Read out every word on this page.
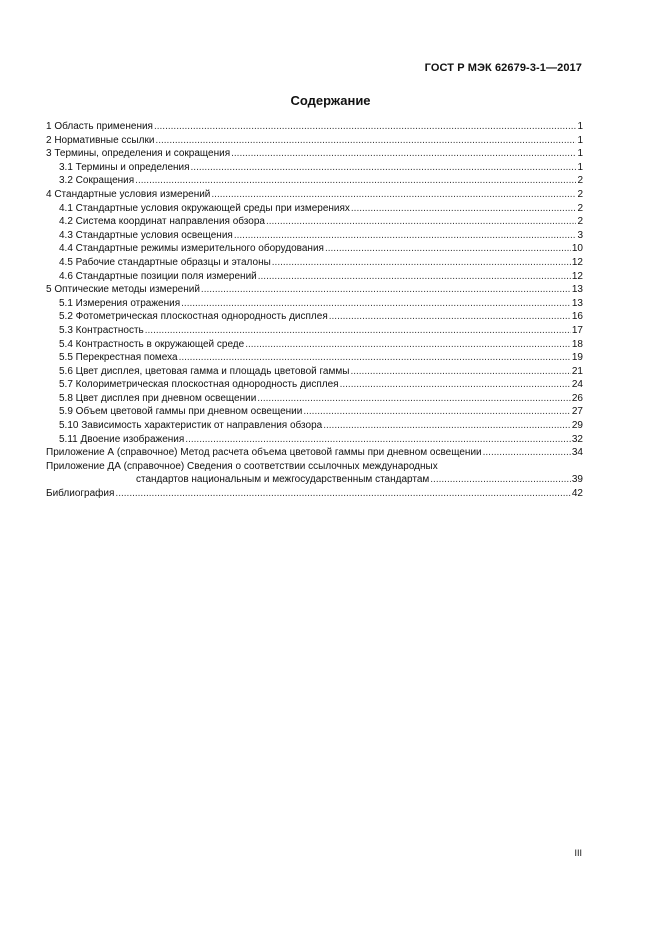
ГОСТ Р МЭК 62679-3-1—2017
Содержание
1 Область применения .....	1
2 Нормативные ссылки .....	1
3 Термины, определения и сокращения .....	1
3.1 Термины и определения .....	1
3.2 Сокращения .....	2
4 Стандартные условия измерений .....	2
4.1 Стандартные условия окружающей среды при измерениях .....	2
4.2 Система координат направления обзора .....	2
4.3 Стандартные условия освещения .....	3
4.4 Стандартные режимы измерительного оборудования .....	10
4.5 Рабочие стандартные образцы и эталоны .....	12
4.6 Стандартные позиции поля измерений .....	12
5 Оптические методы измерений .....	13
5.1 Измерения отражения .....	13
5.2 Фотометрическая плоскостная однородность дисплея .....	16
5.3 Контрастность .....	17
5.4 Контрастность в окружающей среде .....	18
5.5 Перекрестная помеха .....	19
5.6 Цвет дисплея, цветовая гамма и площадь цветовой гаммы .....	21
5.7 Колориметрическая плоскостная однородность дисплея .....	24
5.8 Цвет дисплея при дневном освещении .....	26
5.9 Объем цветовой гаммы при дневном освещении .....	27
5.10 Зависимость характеристик от направления обзора .....	29
5.11 Двоение изображения .....	32
Приложение А (справочное) Метод расчета объема цветовой гаммы при дневном освещении .....	34
Приложение ДА (справочное) Сведения о соответствии ссылочных международных
стандартов национальным и межгосударственным стандартам .....	39
Библиография .....	42
III
